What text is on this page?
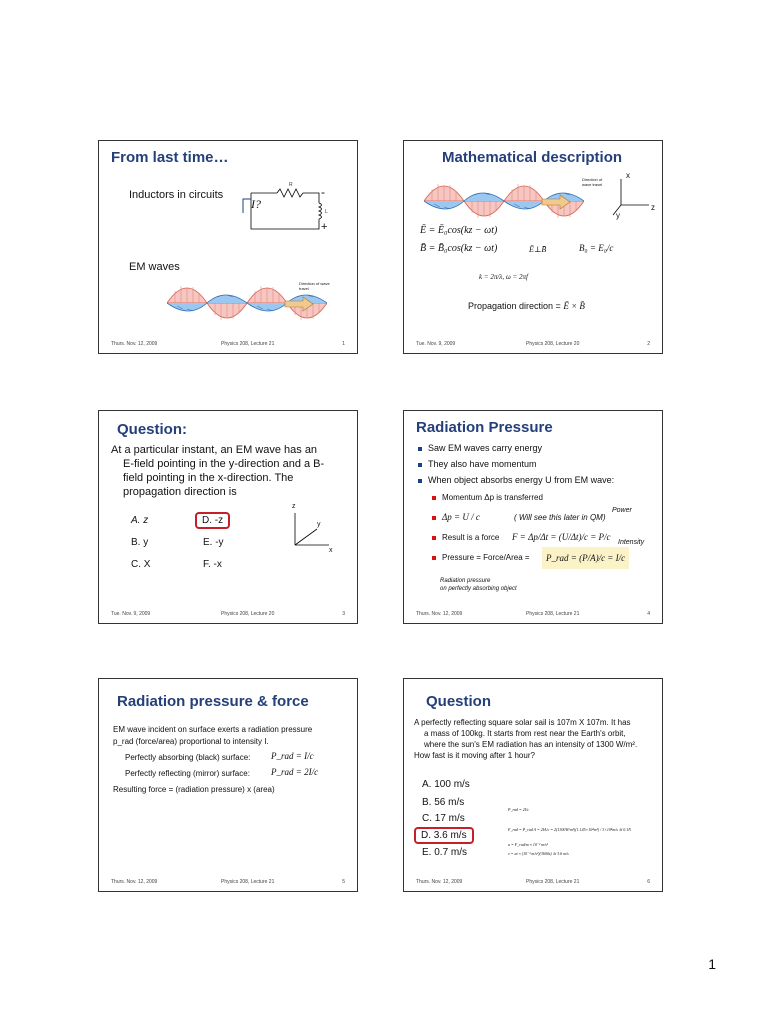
From last time…
Inductors in circuits
R
L
I?
-
+
EM waves
Direction of wave travel
Thurs. Nov. 12, 2009	Physics 208, Lecture 21	1
Mathematical description
Direction of wave travel
x
z
y
Ē = Ē₀cos(kz − ωt)
B̄ = B̄₀cos(kz − ωt)	Ē⊥B̄	B₀ = E₀/c
k = 2π/λ, ω = 2πf
Propagation direction = Ē × B̄
Tue. Nov. 9, 2009	Physics 208, Lecture 20	2
Question:
At a particular instant, an EM wave has an
E-field pointing in the y-direction and a B-
field pointing in the x-direction. The
propagation direction is
A. z	D. -z
B. y	E. -y
C. X	F. -x
z
y
x
Tue. Nov. 9, 2009	Physics 208, Lecture 20	3
Radiation Pressure
Saw EM waves carry energy
They also have momentum
When object absorbs energy U from EM wave:
Momentum Δp is transferred
Δp = U / c	( Will see this later in QM)
Power
Result is a force F = Δp/Δt = (U/Δt)/c = P/c
Intensity
Pressure = Force/Area =	P_rad = (P/A)/c = I/c
Radiation pressure
on perfectly absorbing object
Thurs. Nov. 12, 2009	Physics 208, Lecture 21	4
Radiation pressure & force
EM wave incident on surface exerts a radiation pressure
p_rad (force/area) proportional to intensity I.
Perfectly absorbing (black) surface: P_rad = I/c
Perfectly reflecting (mirror) surface: P_rad = 2I/c
Resulting force = (radiation pressure) x (area)
Thurs. Nov. 12, 2009	Physics 208, Lecture 21	5
Question
A perfectly reflecting square solar sail is 107m X 107m. It has
a mass of 100kg. It starts from rest near the Earth's orbit,
where the sun's EM radiation has an intensity of 1300 W/m².
How fast is it moving after 1 hour?
A. 100 m/s
B. 56 m/s
C. 17 m/s
D. 3.6 m/s
E. 0.7 m/s
P_rad = 2I/c
F_rad = P_rad A = 2IA/c = 2(1300W/m²)(1.145×10⁴m²) / 3×10⁸m/s ≅ 0.1N
a = F_rad/m ≈ 10⁻³ m/s²
v = at ≈ (10⁻³ m/s²)(3600s) ≅ 3.6 m/s
Thurs. Nov. 12, 2009	Physics 208, Lecture 21	6
1
